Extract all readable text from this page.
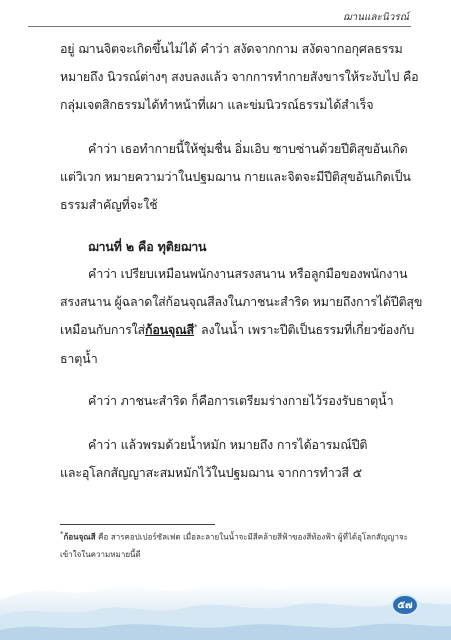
ฌานและนิวรณ์
อยู่ ฌานจิตจะเกิดขึ้นไม่ได้ คำว่า สงัดจากกาม สงัดจากอกุศลธรรม
หมายถึง นิวรณ์ต่างๆ สงบลงแล้ว จากการทำกายสังขารให้ระงับไป คือ
กลุ่มเจตสิกธรรมได้ทำหน้าที่เผา และข่มนิวรณ์ธรรมได้สำเร็จ
คำว่า เธอทำกายนี้ให้ชุ่มชื่น อิ่มเอิบ ซาบซ่านด้วยปีติสุขอันเกิด
แต่วิเวก หมายความว่าในปฐมฌาน กายและจิตจะมีปีติสุขอันเกิดเป็น
ธรรมสำคัญที่จะใช้
ฌานที่ ๒ คือ ทุติยฌาน
คำว่า เปรียบเหมือนพนักงานสรงสนาน หรือลูกมือของพนักงาน
สรงสนาน ผู้ฉลาดใส่ก้อนจุณสีลงในภาชนะสำริด หมายถึงการได้ปีติสุข
เหมือนกับการใส่ก้อนจุณสี* ลงในน้ำ เพราะปีติเป็นธรรมที่เกี่ยวข้องกับ
ธาตุน้ำ
คำว่า ภาชนะสำริด ก็คือการเตรียมร่างกายไว้รองรับธาตุน้ำ
คำว่า แล้วพรมด้วยน้ำหมัก หมายถึง การได้อารมณ์ปีติ
และอุโลกสัญญาสะสมหมักไว้ในปฐมฌาน จากการทำวสี ๕
*ก้อนจุณสี คือ สารคอปเปอร์ซัลเฟต เมื่อละลายในน้ำจะมีสีคล้ายสีฟ้าของสีท้องฟ้า ผู้ที่ได้อุโลกสัญญาจะ
เข้าใจในความหมายนี้ดี
๕๗
